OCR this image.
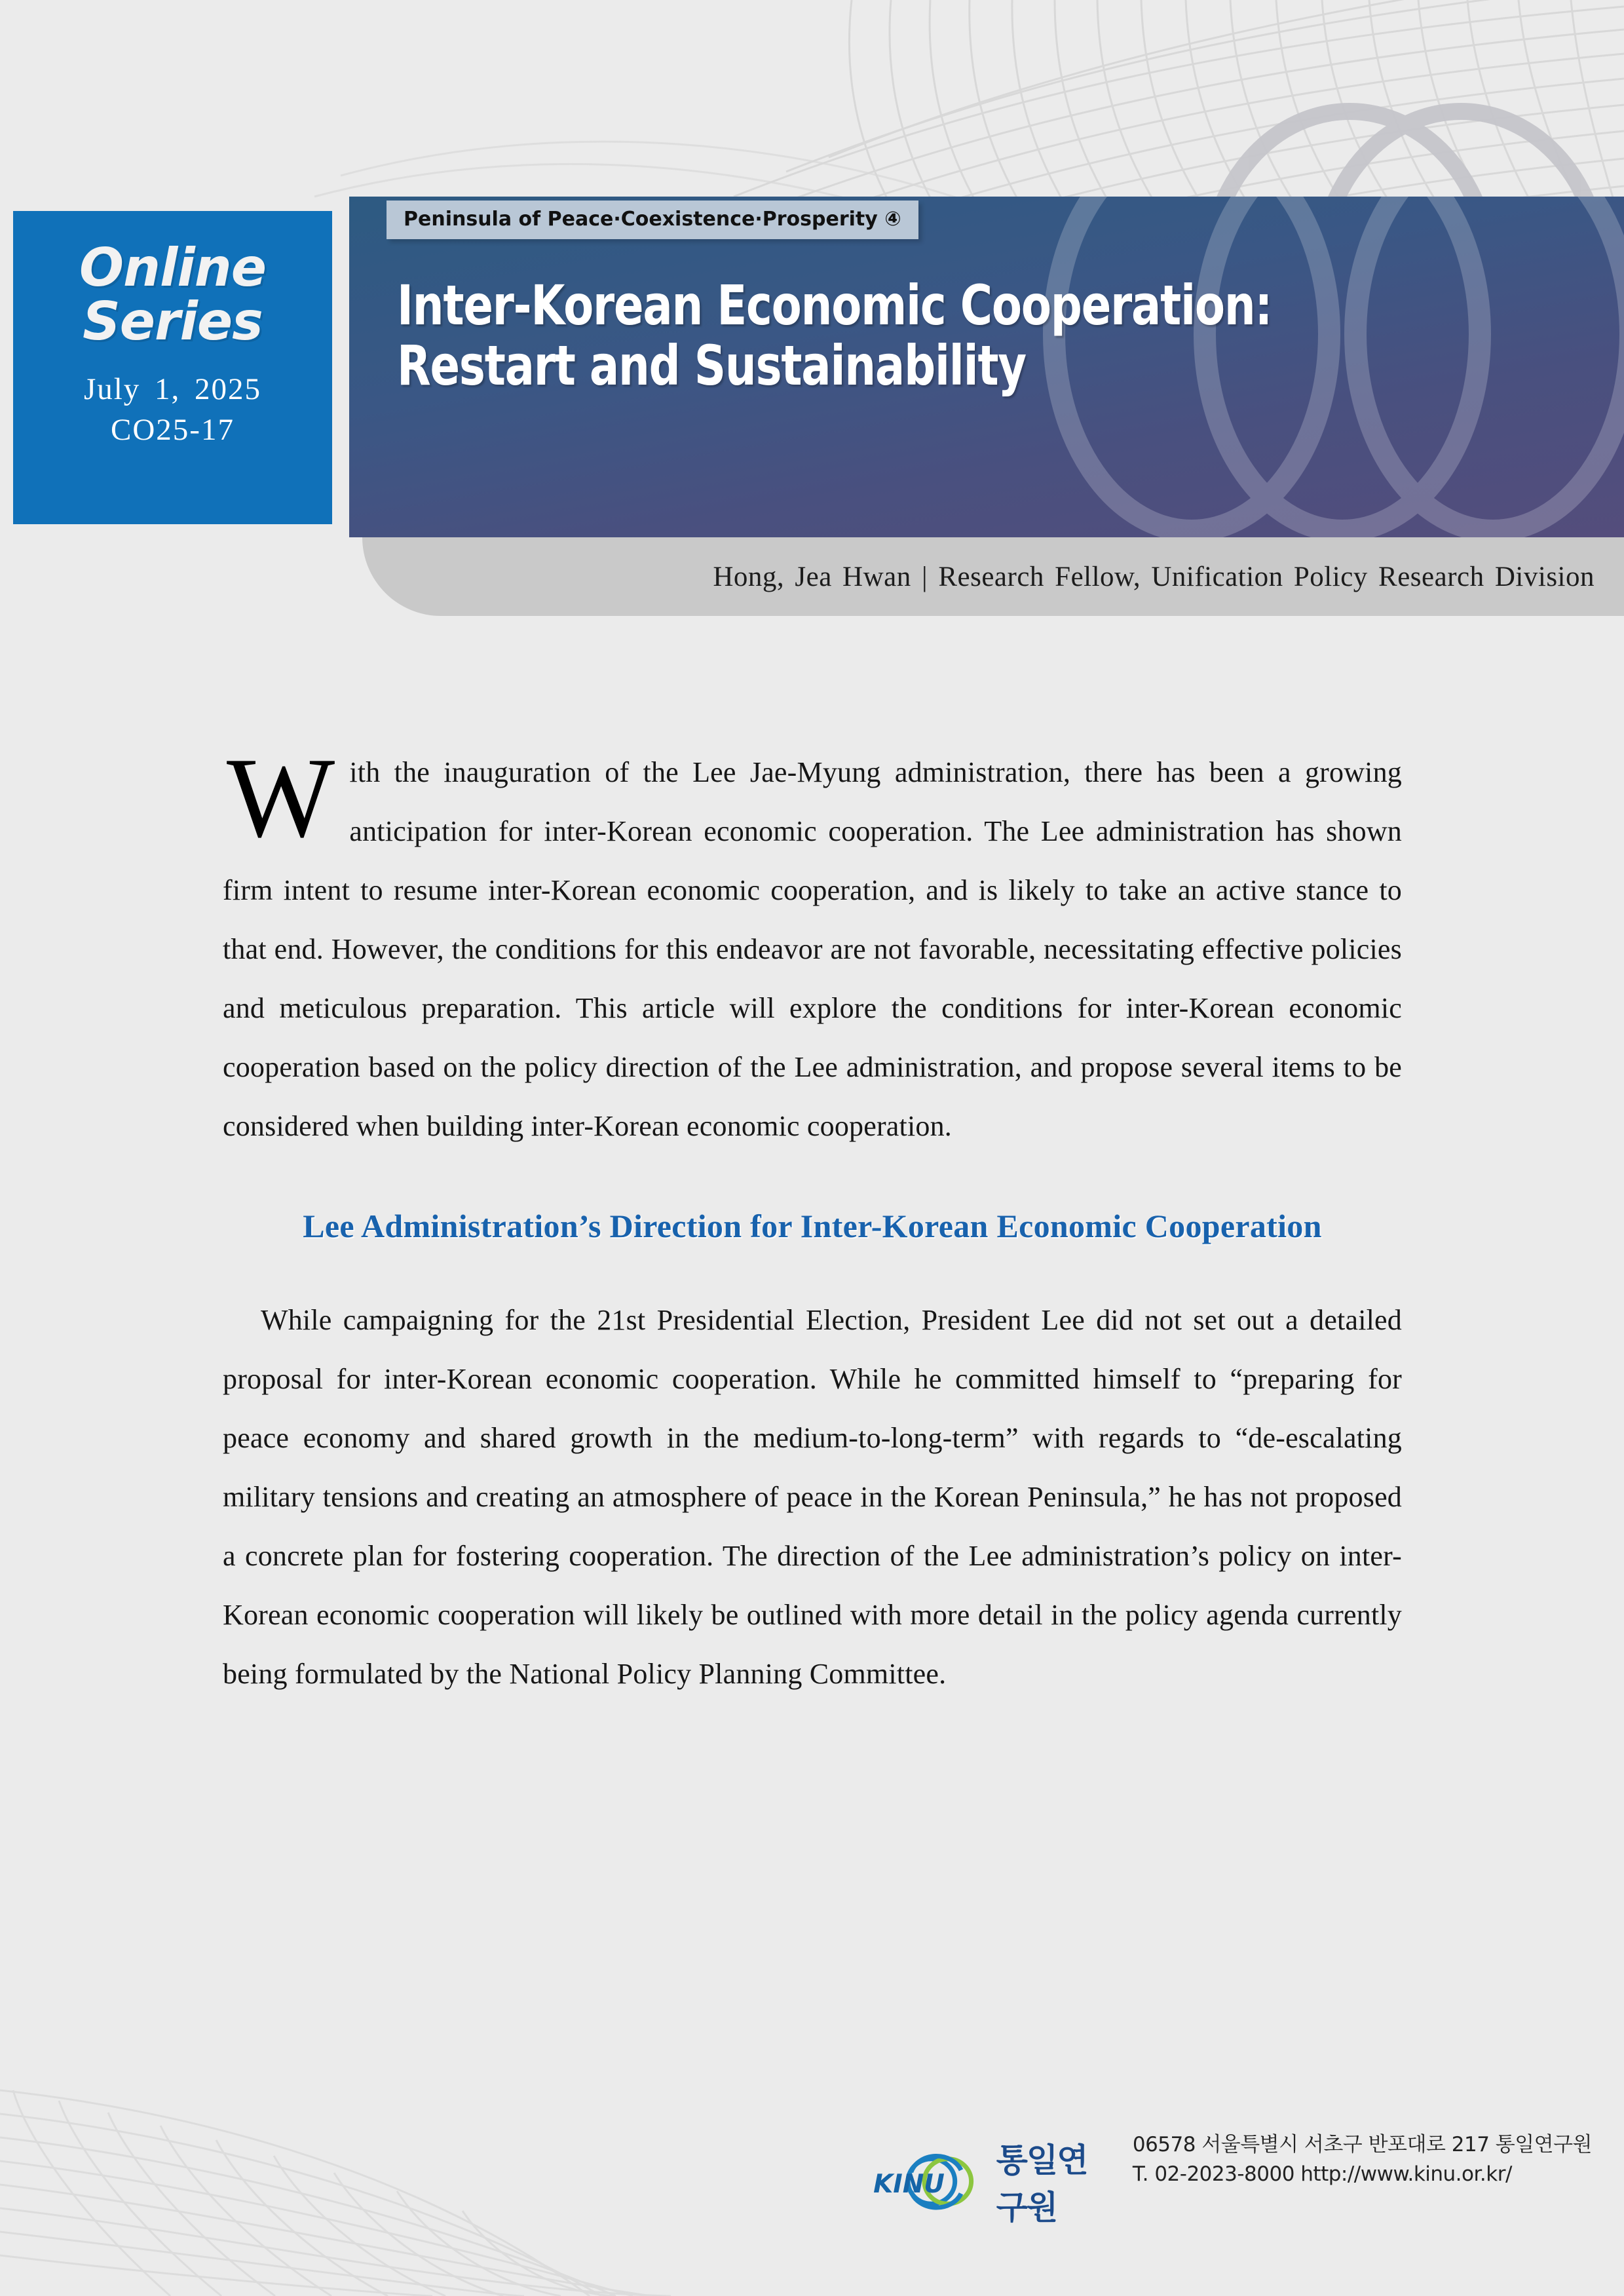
Online
Series
July 1, 2025
CO25-17
Peninsula of Peace·Coexistence·Prosperity ④
Inter-Korean Economic Cooperation:
Restart and Sustainability
Hong, Jea Hwan | Research Fellow, Unification Policy Research Division

With the inauguration of the Lee Jae-Myung administration, there has been a growing anticipation for inter-Korean economic cooperation. The Lee administration has shown firm intent to resume inter-Korean economic cooperation, and is likely to take an active stance to that end. However, the conditions for this endeavor are not favorable, necessitating effective policies and meticulous preparation. This article will explore the conditions for inter-Korean economic cooperation based on the policy direction of the Lee administration, and propose several items to be considered when building inter-Korean economic cooperation.

Lee Administration’s Direction for Inter-Korean Economic Cooperation

While campaigning for the 21st Presidential Election, President Lee did not set out a detailed proposal for inter-Korean economic cooperation. While he committed himself to “preparing for peace economy and shared growth in the medium-to-long-term” with regards to “de-escalating military tensions and creating an atmosphere of peace in the Korean Peninsula,” he has not proposed a concrete plan for fostering cooperation. The direction of the Lee administration’s policy on inter-Korean economic cooperation will likely be outlined with more detail in the policy agenda currently being formulated by the National Policy Planning Committee.

KINU
통일연구원
06578 서울특별시 서초구 반포대로 217 통일연구원
T. 02-2023-8000 http://www.kinu.or.kr/
